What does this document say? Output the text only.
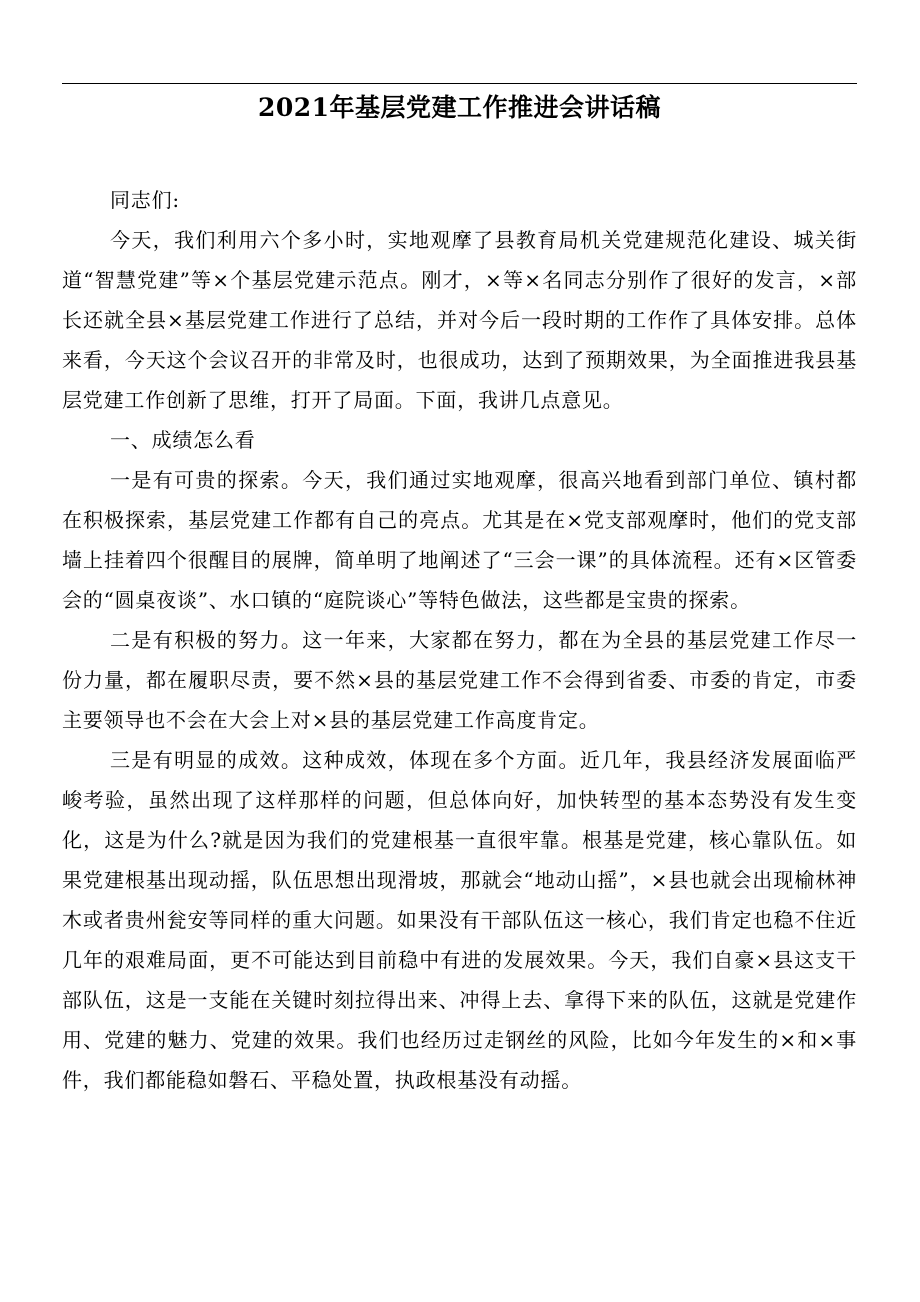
2021年基层党建工作推进会讲话稿

同志们:

今天，我们利用六个多小时，实地观摩了县教育局机关党建规范化建设、城关街道“智慧党建”等×个基层党建示范点。刚才，×等×名同志分别作了很好的发言，×部长还就全县×基层党建工作进行了总结，并对今后一段时期的工作作了具体安排。总体来看，今天这个会议召开的非常及时，也很成功，达到了预期效果，为全面推进我县基层党建工作创新了思维，打开了局面。下面，我讲几点意见。

一、成绩怎么看

一是有可贵的探索。今天，我们通过实地观摩，很高兴地看到部门单位、镇村都在积极探索，基层党建工作都有自己的亮点。尤其是在×党支部观摩时，他们的党支部墙上挂着四个很醒目的展牌，简单明了地阐述了“三会一课”的具体流程。还有×区管委会的“圆桌夜谈”、水口镇的“庭院谈心”等特色做法，这些都是宝贵的探索。

二是有积极的努力。这一年来，大家都在努力，都在为全县的基层党建工作尽一份力量，都在履职尽责，要不然×县的基层党建工作不会得到省委、市委的肯定，市委主要领导也不会在大会上对×县的基层党建工作高度肯定。

三是有明显的成效。这种成效，体现在多个方面。近几年，我县经济发展面临严峻考验，虽然出现了这样那样的问题，但总体向好，加快转型的基本态势没有发生变化，这是为什么?就是因为我们的党建根基一直很牢靠。根基是党建，核心靠队伍。如果党建根基出现动摇，队伍思想出现滑坡，那就会“地动山摇”，×县也就会出现榆林神木或者贵州瓮安等同样的重大问题。如果没有干部队伍这一核心，我们肯定也稳不住近几年的艰难局面，更不可能达到目前稳中有进的发展效果。今天，我们自豪×县这支干部队伍，这是一支能在关键时刻拉得出来、冲得上去、拿得下来的队伍，这就是党建作用、党建的魅力、党建的效果。我们也经历过走钢丝的风险，比如今年发生的×和×事件，我们都能稳如磐石、平稳处置，执政根基没有动摇。
